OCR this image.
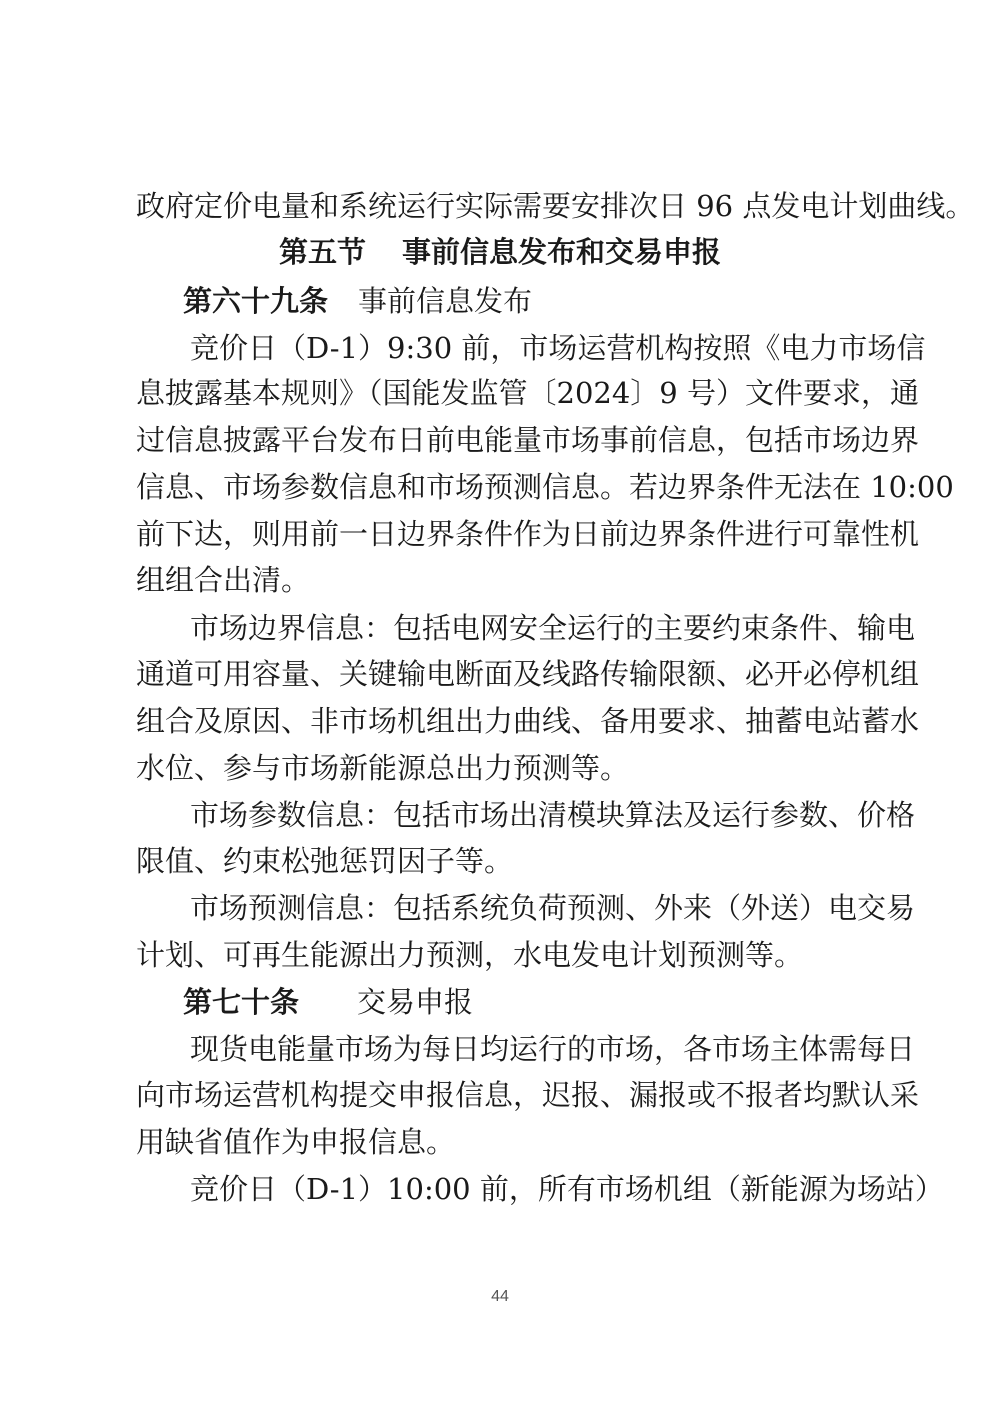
政府定价电量和系统运行实际需要安排次日 96 点发电计划曲线。
第五节 事前信息发布和交易申报
第六十九条 事前信息发布
竞价日（D-1）9:30 前，市场运营机构按照《电力市场信
息披露基本规则》（国能发监管〔2024〕9 号）文件要求，通
过信息披露平台发布日前电能量市场事前信息，包括市场边界
信息、市场参数信息和市场预测信息。若边界条件无法在 10:00
前下达，则用前一日边界条件作为日前边界条件进行可靠性机
组组合出清。
市场边界信息：包括电网安全运行的主要约束条件、输电
通道可用容量、关键输电断面及线路传输限额、必开必停机组
组合及原因、非市场机组出力曲线、备用要求、抽蓄电站蓄水
水位、参与市场新能源总出力预测等。
市场参数信息：包括市场出清模块算法及运行参数、价格
限值、约束松弛惩罚因子等。
市场预测信息：包括系统负荷预测、外来（外送）电交易
计划、可再生能源出力预测，水电发电计划预测等。
第七十条 交易申报
现货电能量市场为每日均运行的市场，各市场主体需每日
向市场运营机构提交申报信息，迟报、漏报或不报者均默认采
用缺省值作为申报信息。
竞价日（D-1）10:00 前，所有市场机组（新能源为场站）
44
